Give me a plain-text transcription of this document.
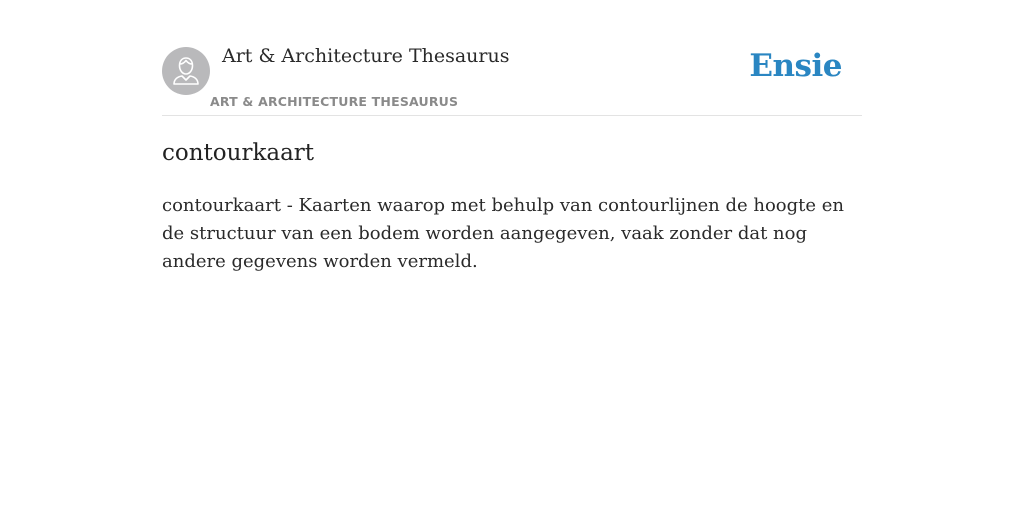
Art & Architecture Thesaurus
ART & ARCHITECTURE THESAURUS
Ensie
contourkaart

contourkaart - Kaarten waarop met behulp van contourlijnen de hoogte en de structuur van een bodem worden aangegeven, vaak zonder dat nog andere gegevens worden vermeld.
